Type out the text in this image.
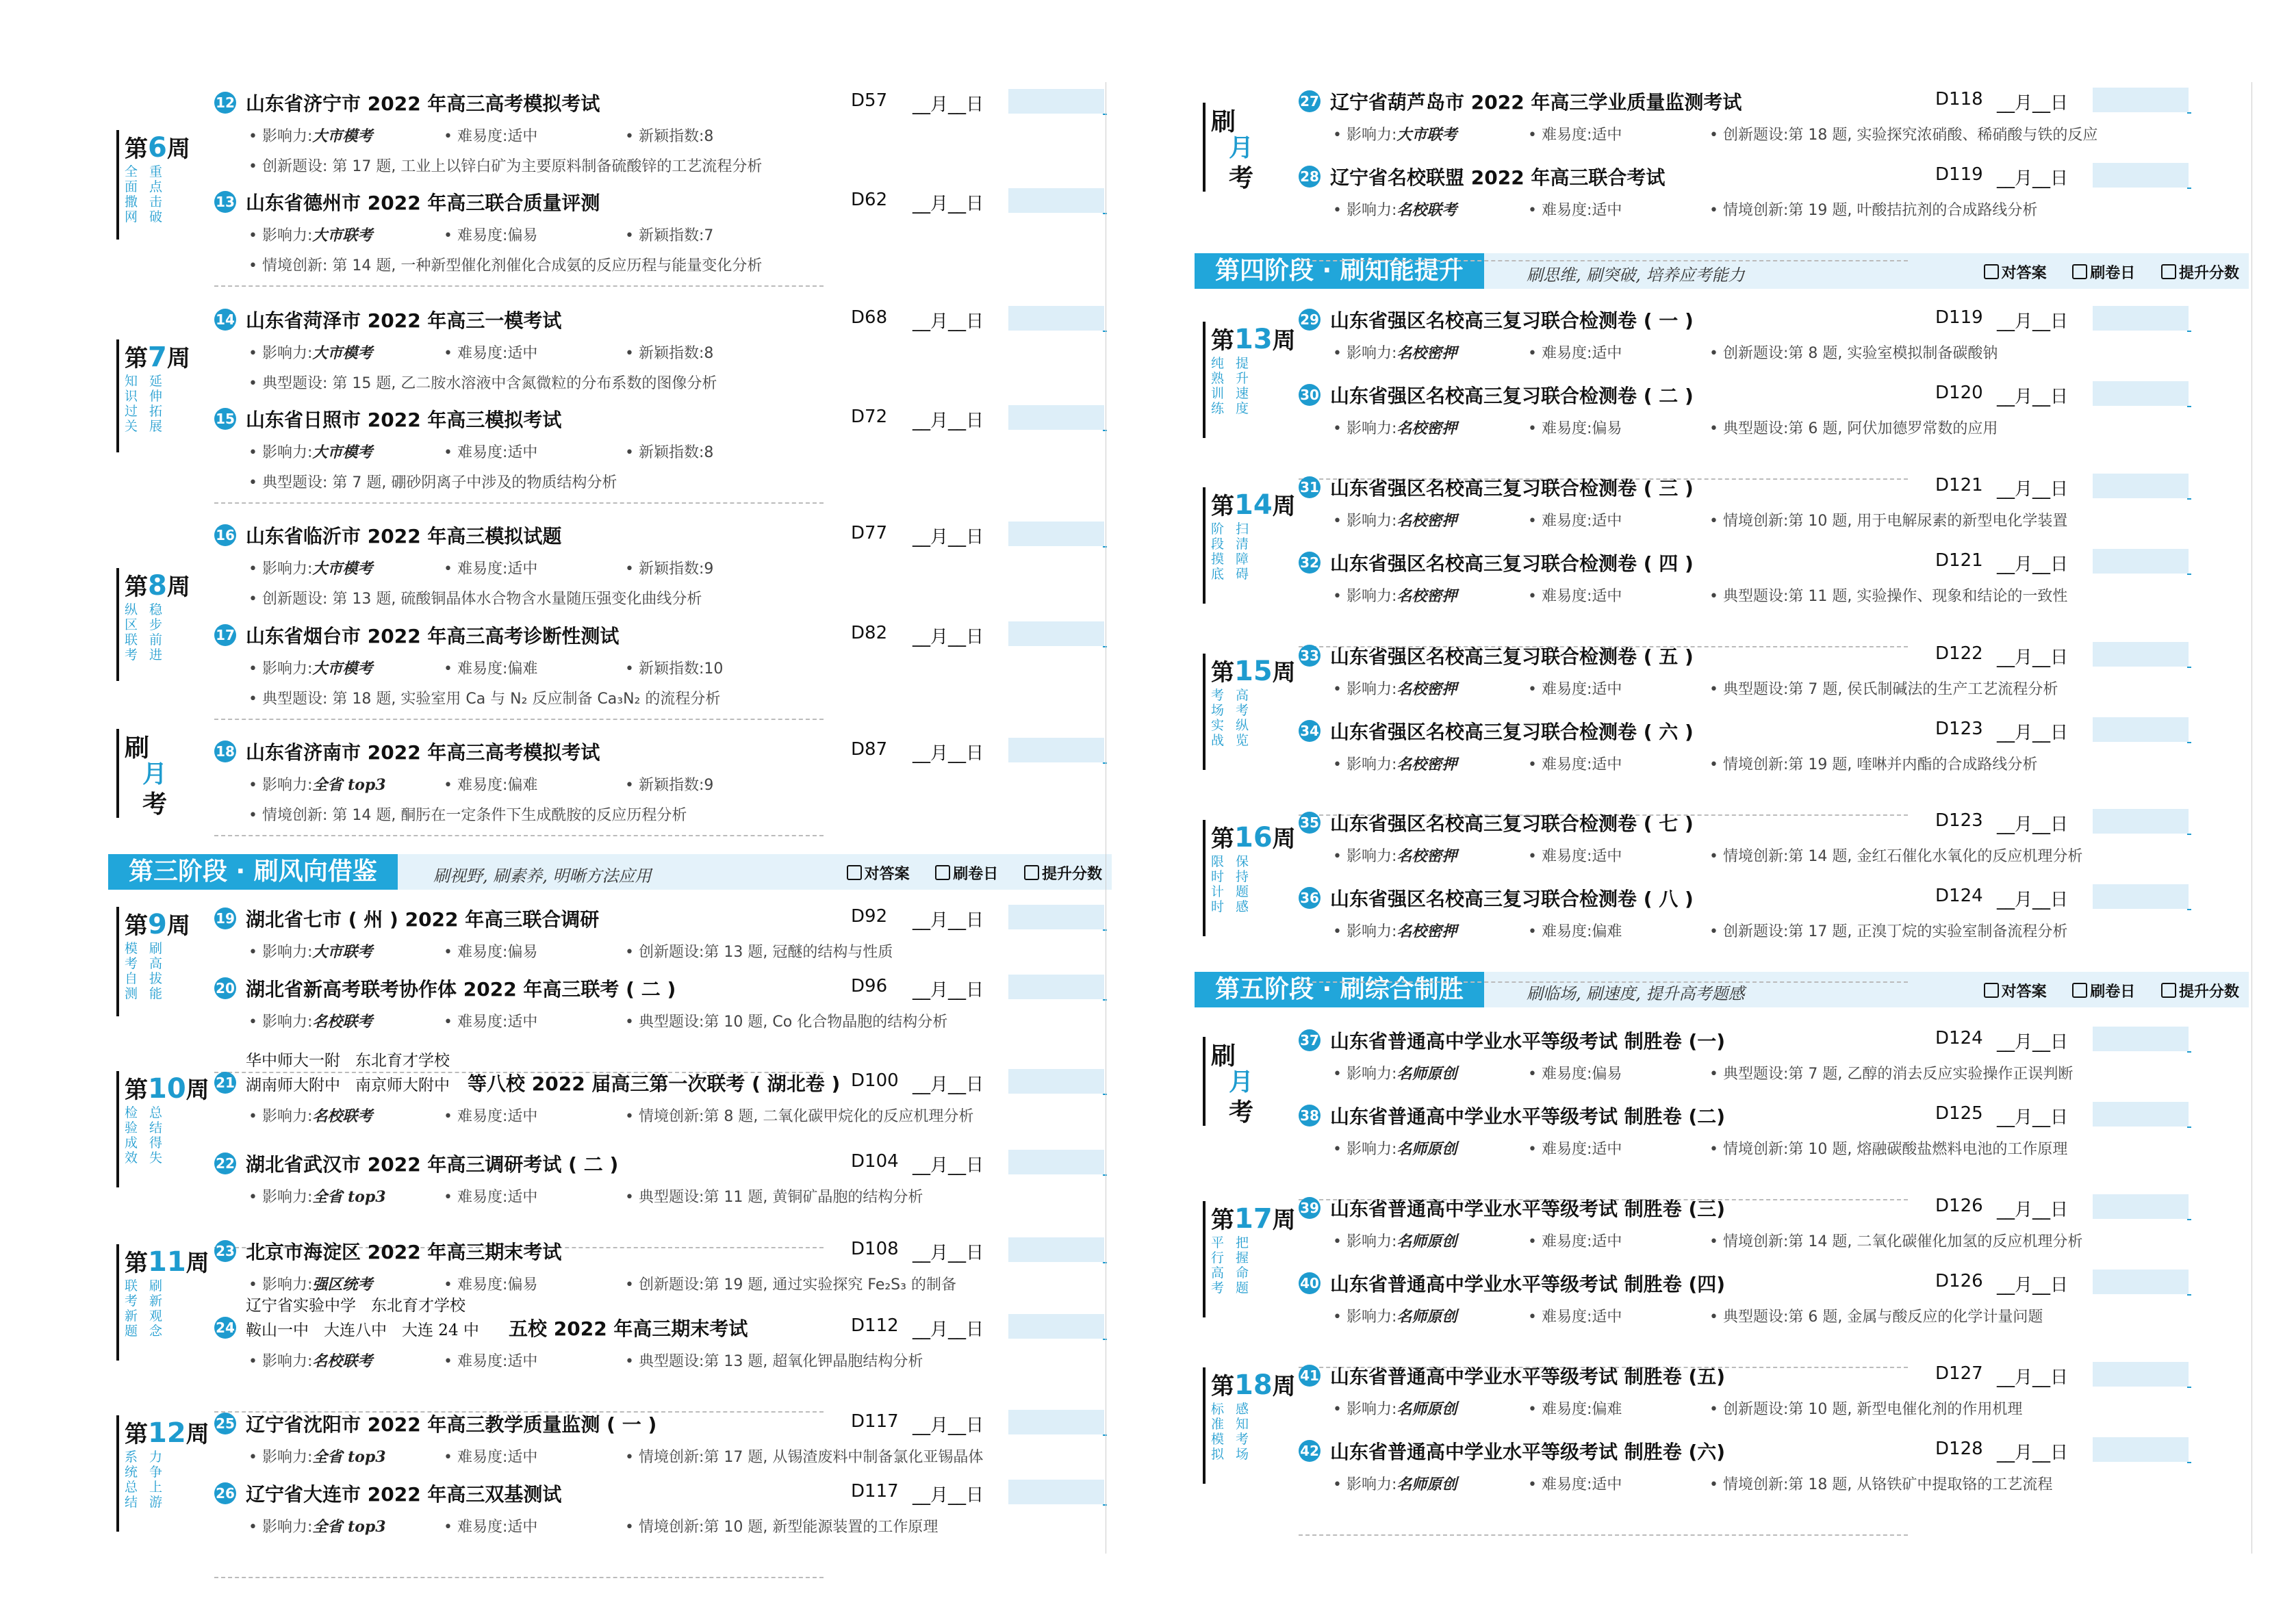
第6周
全面撒网
重点击破
第7周
知识过关
延伸拓展
第8周
纵区联考
稳步前进
刷
月
考
第三阶段 · 刷风向借鉴	刷视野, 刷素养, 明晰方法应用	对答案	刷卷日	提升分数
第9周
模考自测
刷高拔能
第10周
检验成效
总结得失
第11周
联考新题
刷新观念
第12周
系统总结
力争上游
12 山东省济宁市 2022 年高三高考模拟考试	D57 __月__日
• 影响力:大市模考	• 难易度:适中	• 新颖指数:8
• 创新题设: 第 17 题, 工业上以锌白矿为主要原料制备硫酸锌的工艺流程分析
13 山东省德州市 2022 年高三联合质量评测	D62 __月__日
• 影响力:大市联考	• 难易度:偏易	• 新颖指数:7
• 情境创新: 第 14 题, 一种新型催化剂催化合成氨的反应历程与能量变化分析
14 山东省菏泽市 2022 年高三一模考试	D68 __月__日
• 影响力:大市模考	• 难易度:适中	• 新颖指数:8
• 典型题设: 第 15 题, 乙二胺水溶液中含氮微粒的分布系数的图像分析
15 山东省日照市 2022 年高三模拟考试	D72 __月__日
• 影响力:大市模考	• 难易度:适中	• 新颖指数:8
• 典型题设: 第 7 题, 硼砂阴离子中涉及的物质结构分析
16 山东省临沂市 2022 年高三模拟试题	D77 __月__日
• 影响力:大市模考	• 难易度:适中	• 新颖指数:9
• 创新题设: 第 13 题, 硫酸铜晶体水合物含水量随压强变化曲线分析
17 山东省烟台市 2022 年高三高考诊断性测试	D82 __月__日
• 影响力:大市模考	• 难易度:偏难	• 新颖指数:10
• 典型题设: 第 18 题, 实验室用 Ca 与 N₂ 反应制备 Ca₃N₂ 的流程分析
18 山东省济南市 2022 年高三高考模拟考试	D87 __月__日
• 影响力:全省 top3	• 难易度:偏难	• 新颖指数:9
• 情境创新: 第 14 题, 酮肟在一定条件下生成酰胺的反应历程分析
19 湖北省七市 ( 州 ) 2022 年高三联合调研	D92 __月__日
• 影响力:大市联考	• 难易度:偏易	• 创新题设:第 13 题, 冠醚的结构与性质
20 湖北省新高考联考协作体 2022 年高三联考 ( 二 )	D96 __月__日
• 影响力:名校联考	• 难易度:适中	• 典型题设:第 10 题, Co 化合物晶胞的结构分析
21
华中师大一附 东北育才学校
湖南师大附中 南京师大附中 等八校 2022 届高三第一次联考 ( 湖北卷 ) D100 __月__日
• 影响力:名校联考	• 难易度:适中	• 情境创新:第 8 题, 二氧化碳甲烷化的反应机理分析
22 湖北省武汉市 2022 年高三调研考试 ( 二 )	D104 __月__日
• 影响力:全省 top3	• 难易度:适中	• 典型题设:第 11 题, 黄铜矿晶胞的结构分析
23 北京市海淀区 2022 年高三期末考试	D108 __月__日
• 影响力:强区统考	• 难易度:偏易	• 创新题设:第 19 题, 通过实验探究 Fe₂S₃ 的制备
24
辽宁省实验中学 东北育才学校
鞍山一中 大连八中 大连 24 中	五校 2022 年高三期末考试	D112 __月__日
• 影响力:名校联考	• 难易度:适中	• 典型题设:第 13 题, 超氧化钾晶胞结构分析
25 辽宁省沈阳市 2022 年高三教学质量监测 ( 一 )	D117 __月__日
• 影响力:全省 top3	• 难易度:适中	• 情境创新:第 17 题, 从锡渣废料中制备氯化亚锡晶体
26 辽宁省大连市 2022 年高三双基测试	D117 __月__日
• 影响力:全省 top3	• 难易度:适中	• 情境创新:第 10 题, 新型能源装置的工作原理
刷
月
考
第四阶段 · 刷知能提升	刷思维, 刷突破, 培养应考能力	对答案	刷卷日	提升分数
第13周
纯熟训练
提升速度
第14周
阶段摸底
扫清障碍
第15周
考场实战
高考纵览
第16周
限时计时
保持题感
第五阶段 · 刷综合制胜	刷临场, 刷速度, 提升高考题感	对答案	刷卷日	提升分数
刷
月
考
第17周
平行高考
把握命题
第18周
标准模拟
感知考场
27 辽宁省葫芦岛市 2022 年高三学业质量监测考试	D118 __月__日
• 影响力:大市联考	• 难易度:适中	• 创新题设:第 18 题, 实验探究浓硝酸、稀硝酸与铁的反应
28 辽宁省名校联盟 2022 年高三联合考试	D119 __月__日
• 影响力:名校联考	• 难易度:适中	• 情境创新:第 19 题, 叶酸拮抗剂的合成路线分析
29 山东省强区名校高三复习联合检测卷 ( 一 )	D119 __月__日
• 影响力:名校密押	• 难易度:适中	• 创新题设:第 8 题, 实验室模拟制备碳酸钠
30 山东省强区名校高三复习联合检测卷 ( 二 )	D120 __月__日
• 影响力:名校密押	• 难易度:偏易	• 典型题设:第 6 题, 阿伏加德罗常数的应用
31 山东省强区名校高三复习联合检测卷 ( 三 )	D121 __月__日
• 影响力:名校密押	• 难易度:适中	• 情境创新:第 10 题, 用于电解尿素的新型电化学装置
32 山东省强区名校高三复习联合检测卷 ( 四 )	D121 __月__日
• 影响力:名校密押	• 难易度:适中	• 典型题设:第 11 题, 实验操作、现象和结论的一致性
33 山东省强区名校高三复习联合检测卷 ( 五 )	D122 __月__日
• 影响力:名校密押	• 难易度:适中	• 典型题设:第 7 题, 侯氏制碱法的生产工艺流程分析
34 山东省强区名校高三复习联合检测卷 ( 六 )	D123 __月__日
• 影响力:名校密押	• 难易度:适中	• 情境创新:第 19 题, 喹啉并内酯的合成路线分析
35 山东省强区名校高三复习联合检测卷 ( 七 )	D123 __月__日
• 影响力:名校密押	• 难易度:适中	• 情境创新:第 14 题, 金红石催化水氧化的反应机理分析
36 山东省强区名校高三复习联合检测卷 ( 八 )	D124 __月__日
• 影响力:名校密押	• 难易度:偏难	• 创新题设:第 17 题, 正溴丁烷的实验室制备流程分析
37 山东省普通高中学业水平等级考试 制胜卷 (一)	D124 __月__日
• 影响力:名师原创	• 难易度:偏易	• 典型题设:第 7 题, 乙醇的消去反应实验操作正误判断
38 山东省普通高中学业水平等级考试 制胜卷 (二)	D125 __月__日
• 影响力:名师原创	• 难易度:适中	• 情境创新:第 10 题, 熔融碳酸盐燃料电池的工作原理
39 山东省普通高中学业水平等级考试 制胜卷 (三)	D126 __月__日
• 影响力:名师原创	• 难易度:适中	• 情境创新:第 14 题, 二氧化碳催化加氢的反应机理分析
40 山东省普通高中学业水平等级考试 制胜卷 (四)	D126 __月__日
• 影响力:名师原创	• 难易度:适中	• 典型题设:第 6 题, 金属与酸反应的化学计量问题
41 山东省普通高中学业水平等级考试 制胜卷 (五)	D127 __月__日
• 影响力:名师原创	• 难易度:偏难	• 创新题设:第 10 题, 新型电催化剂的作用机理
42 山东省普通高中学业水平等级考试 制胜卷 (六)	D128 __月__日
• 影响力:名师原创	• 难易度:适中	• 情境创新:第 18 题, 从铬铁矿中提取铬的工艺流程
